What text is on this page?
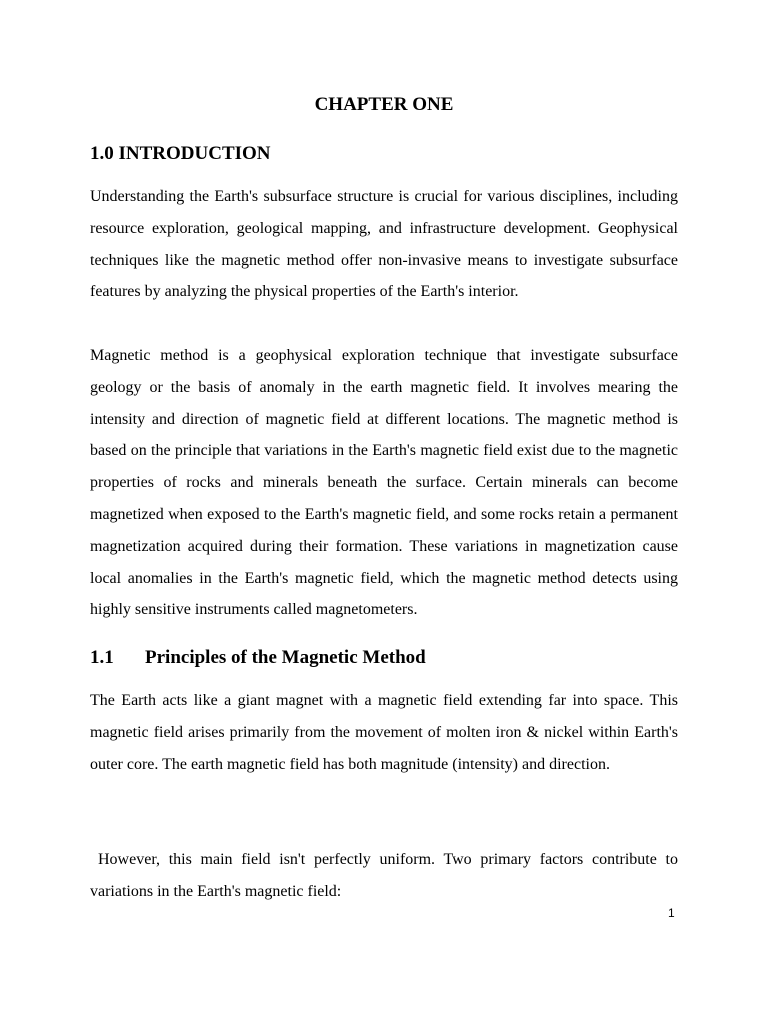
CHAPTER ONE
1.0 INTRODUCTION

Understanding the Earth's subsurface structure is crucial for various disciplines, including resource exploration, geological mapping, and infrastructure development. Geophysical techniques like the magnetic method offer non-invasive means to investigate subsurface features by analyzing the physical properties of the Earth's interior.

Magnetic method is a geophysical exploration technique that investigate subsurface geology or the basis of anomaly in the earth magnetic field. It involves mearing the intensity and direction of magnetic field at different locations. The magnetic method is based on the principle that variations in the Earth's magnetic field exist due to the magnetic properties of rocks and minerals beneath the surface. Certain minerals can become magnetized when exposed to the Earth's magnetic field, and some rocks retain a permanent magnetization acquired during their formation. These variations in magnetization cause local anomalies in the Earth's magnetic field, which the magnetic method detects using highly sensitive instruments called magnetometers.

1.1 Principles of the Magnetic Method

The Earth acts like a giant magnet with a magnetic field extending far into space. This magnetic field arises primarily from the movement of molten iron & nickel within Earth's outer core. The earth magnetic field has both magnitude (intensity) and direction.

However, this main field isn't perfectly uniform. Two primary factors contribute to variations in the Earth's magnetic field:

1
